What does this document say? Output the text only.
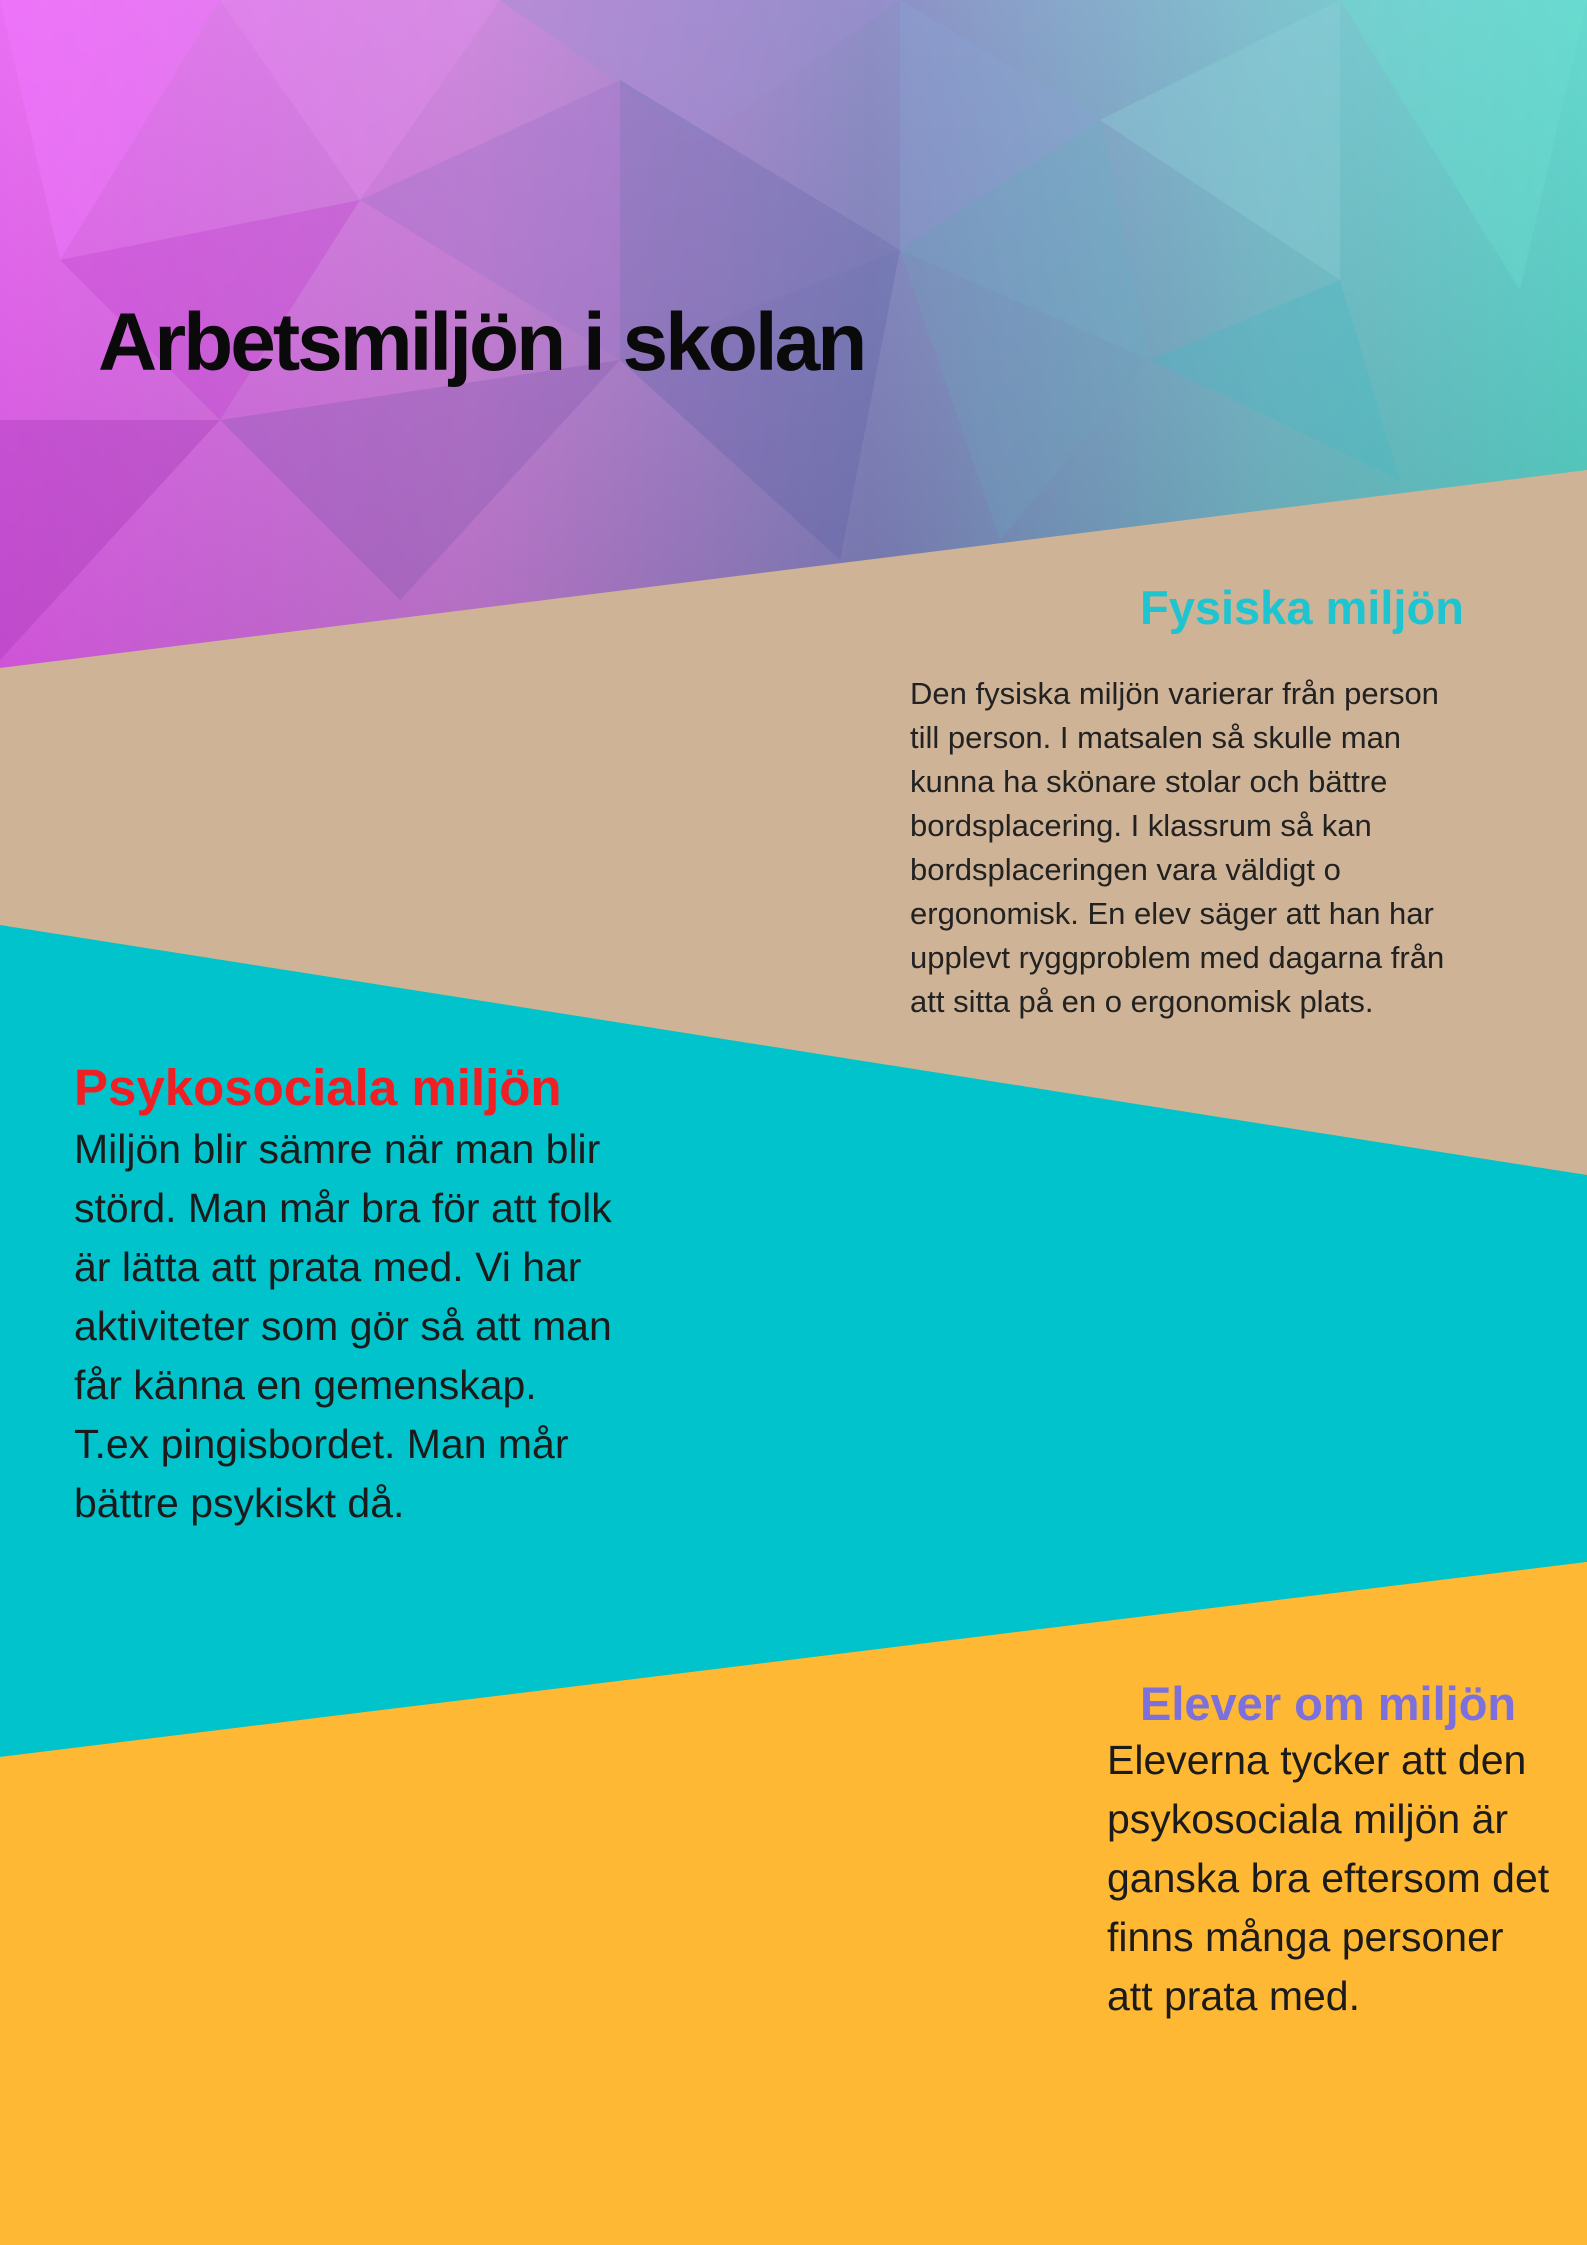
Arbetsmiljön i skolan
Fysiska miljön

Den fysiska miljön varierar från person till person. I matsalen så skulle man kunna ha skönare stolar och bättre bordsplacering. I klassrum så kan bordsplaceringen vara väldigt o ergonomisk. En elev säger att han har upplevt ryggproblem med dagarna från att sitta på en o ergonomisk plats.

Psykosociala miljön

Miljön blir sämre när man blir störd. Man mår bra för att folk är lätta att prata med. Vi har aktiviteter som gör så att man får känna en gemenskap. T.ex pingisbordet. Man mår bättre psykiskt då.

Elever om miljön

Eleverna tycker att den psykosociala miljön är ganska bra eftersom det finns många personer att prata med.
